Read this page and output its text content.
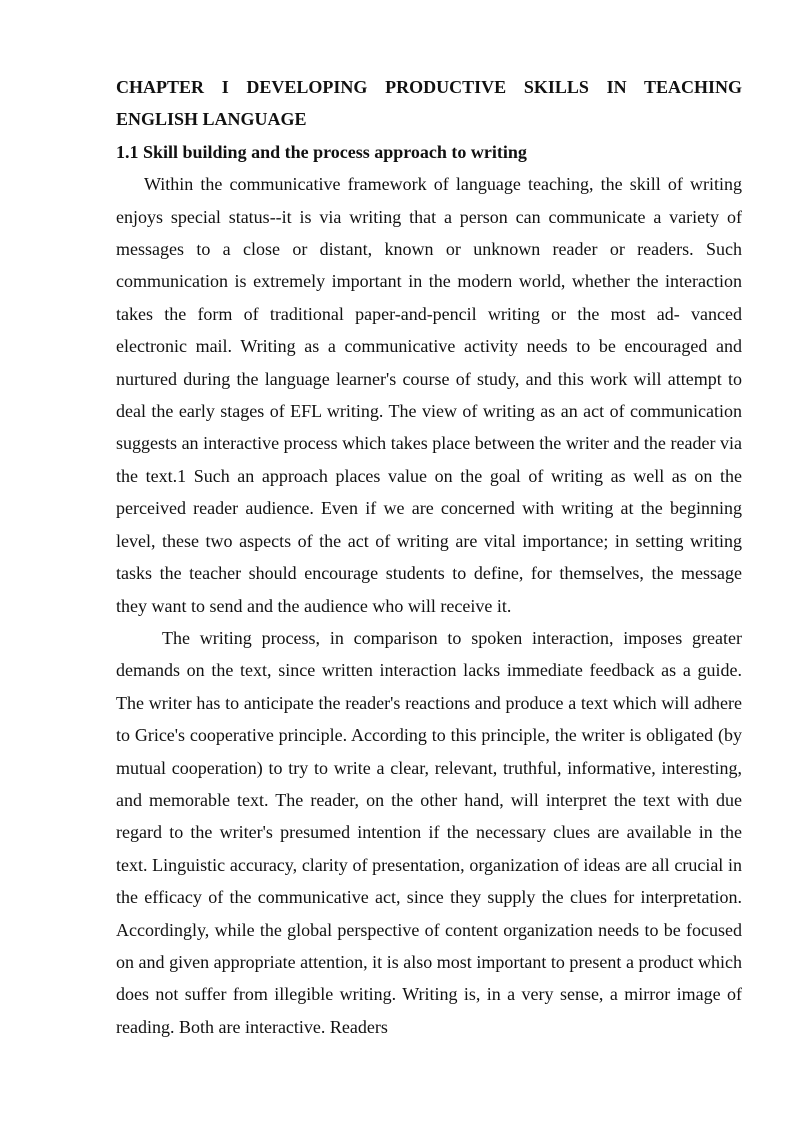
CHAPTER I DEVELOPING PRODUCTIVE SKILLS IN TEACHING ENGLISH LANGUAGE

1.1 Skill building and the process approach to writing

Within the communicative framework of language teaching, the skill of writing enjoys special status--it is via writing that a person can communicate a variety of messages to a close or distant, known or unknown reader or readers. Such communication is extremely important in the modern world, whether the interaction takes the form of traditional paper-and-pencil writing or the most ad- vanced electronic mail. Writing as a communicative activity needs to be encouraged and nurtured during the language learner's course of study, and this work will attempt to deal the early stages of EFL writing. The view of writing as an act of communication suggests an interactive process which takes place between the writer and the reader via the text.1 Such an approach places value on the goal of writing as well as on the perceived reader audience. Even if we are concerned with writing at the beginning level, these two aspects of the act of writing are vital importance; in setting writing tasks the teacher should encourage students to define, for themselves, the message they want to send and the audience who will receive it.

The writing process, in comparison to spoken interaction, imposes greater demands on the text, since written interaction lacks immediate feedback as a guide. The writer has to anticipate the reader's reactions and produce a text which will adhere to Grice's cooperative principle. According to this principle, the writer is obligated (by mutual cooperation) to try to write a clear, relevant, truthful, informative, interesting, and memorable text. The reader, on the other hand, will interpret the text with due regard to the writer's presumed intention if the necessary clues are available in the text. Linguistic accuracy, clarity of presentation, organization of ideas are all crucial in the efficacy of the communicative act, since they supply the clues for interpretation. Accordingly, while the global perspective of content organization needs to be focused on and given appropriate attention, it is also most important to present a product which does not suffer from illegible writing. Writing is, in a very sense, a mirror image of reading. Both are interactive. Readers
